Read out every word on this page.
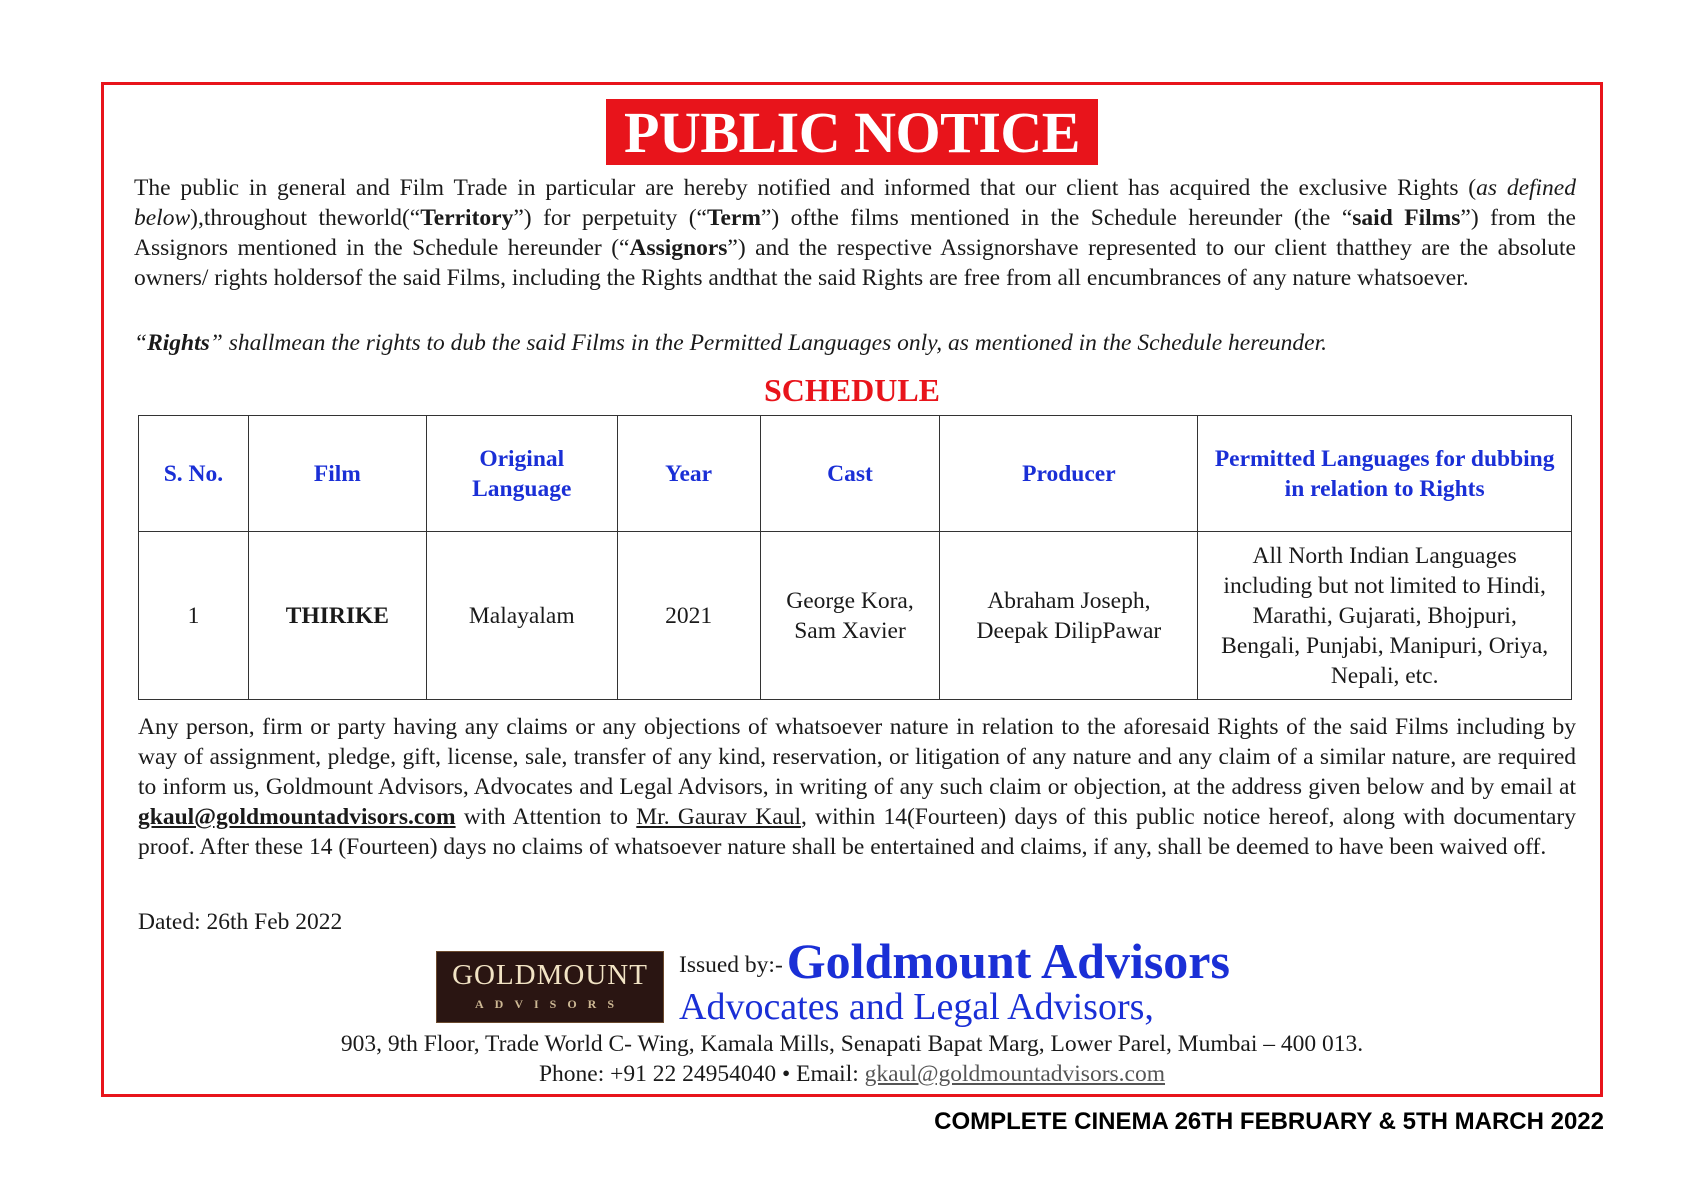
PUBLIC NOTICE

The public in general and Film Trade in particular are hereby notified and informed that our client has acquired the exclusive Rights (as defined below),throughout theworld(“Territory”) for perpetuity (“Term”) ofthe films mentioned in the Schedule hereunder (the “said Films”) from the Assignors mentioned in the Schedule hereunder (“Assignors”) and the respective Assignorshave represented to our client thatthey are the absolute owners/ rights holdersof the said Films, including the Rights andthat the said Rights are free from all encumbrances of any nature whatsoever.

“Rights” shallmean the rights to dub the said Films in the Permitted Languages only, as mentioned in the Schedule hereunder.

SCHEDULE
S. No.	Film	Original Language	Year	Cast	Producer	Permitted Languages for dubbing in relation to Rights
1	THIRIKE	Malayalam	2021	George Kora, Sam Xavier	Abraham Joseph, Deepak DilipPawar	All North Indian Languages including but not limited to Hindi, Marathi, Gujarati, Bhojpuri, Bengali, Punjabi, Manipuri, Oriya, Nepali, etc.

Any person, firm or party having any claims or any objections of whatsoever nature in relation to the aforesaid Rights of the said Films including by way of assignment, pledge, gift, license, sale, transfer of any kind, reservation, or litigation of any nature and any claim of a similar nature, are required to inform us, Goldmount Advisors, Advocates and Legal Advisors, in writing of any such claim or objection, at the address given below and by email at gkaul@goldmountadvisors.com with Attention to Mr. Gaurav Kaul, within 14(Fourteen) days of this public notice hereof, along with documentary proof. After these 14 (Fourteen) days no claims of whatsoever nature shall be entertained and claims, if any, shall be deemed to have been waived off.

Dated: 26th Feb 2022
GOLDMOUNT
ADVISORS
Issued by:- Goldmount Advisors
Advocates and Legal Advisors,
903, 9th Floor, Trade World C- Wing, Kamala Mills, Senapati Bapat Marg, Lower Parel, Mumbai – 400 013.
Phone: +91 22 24954040 • Email: gkaul@goldmountadvisors.com
COMPLETE CINEMA 26TH FEBRUARY & 5TH MARCH 2022
